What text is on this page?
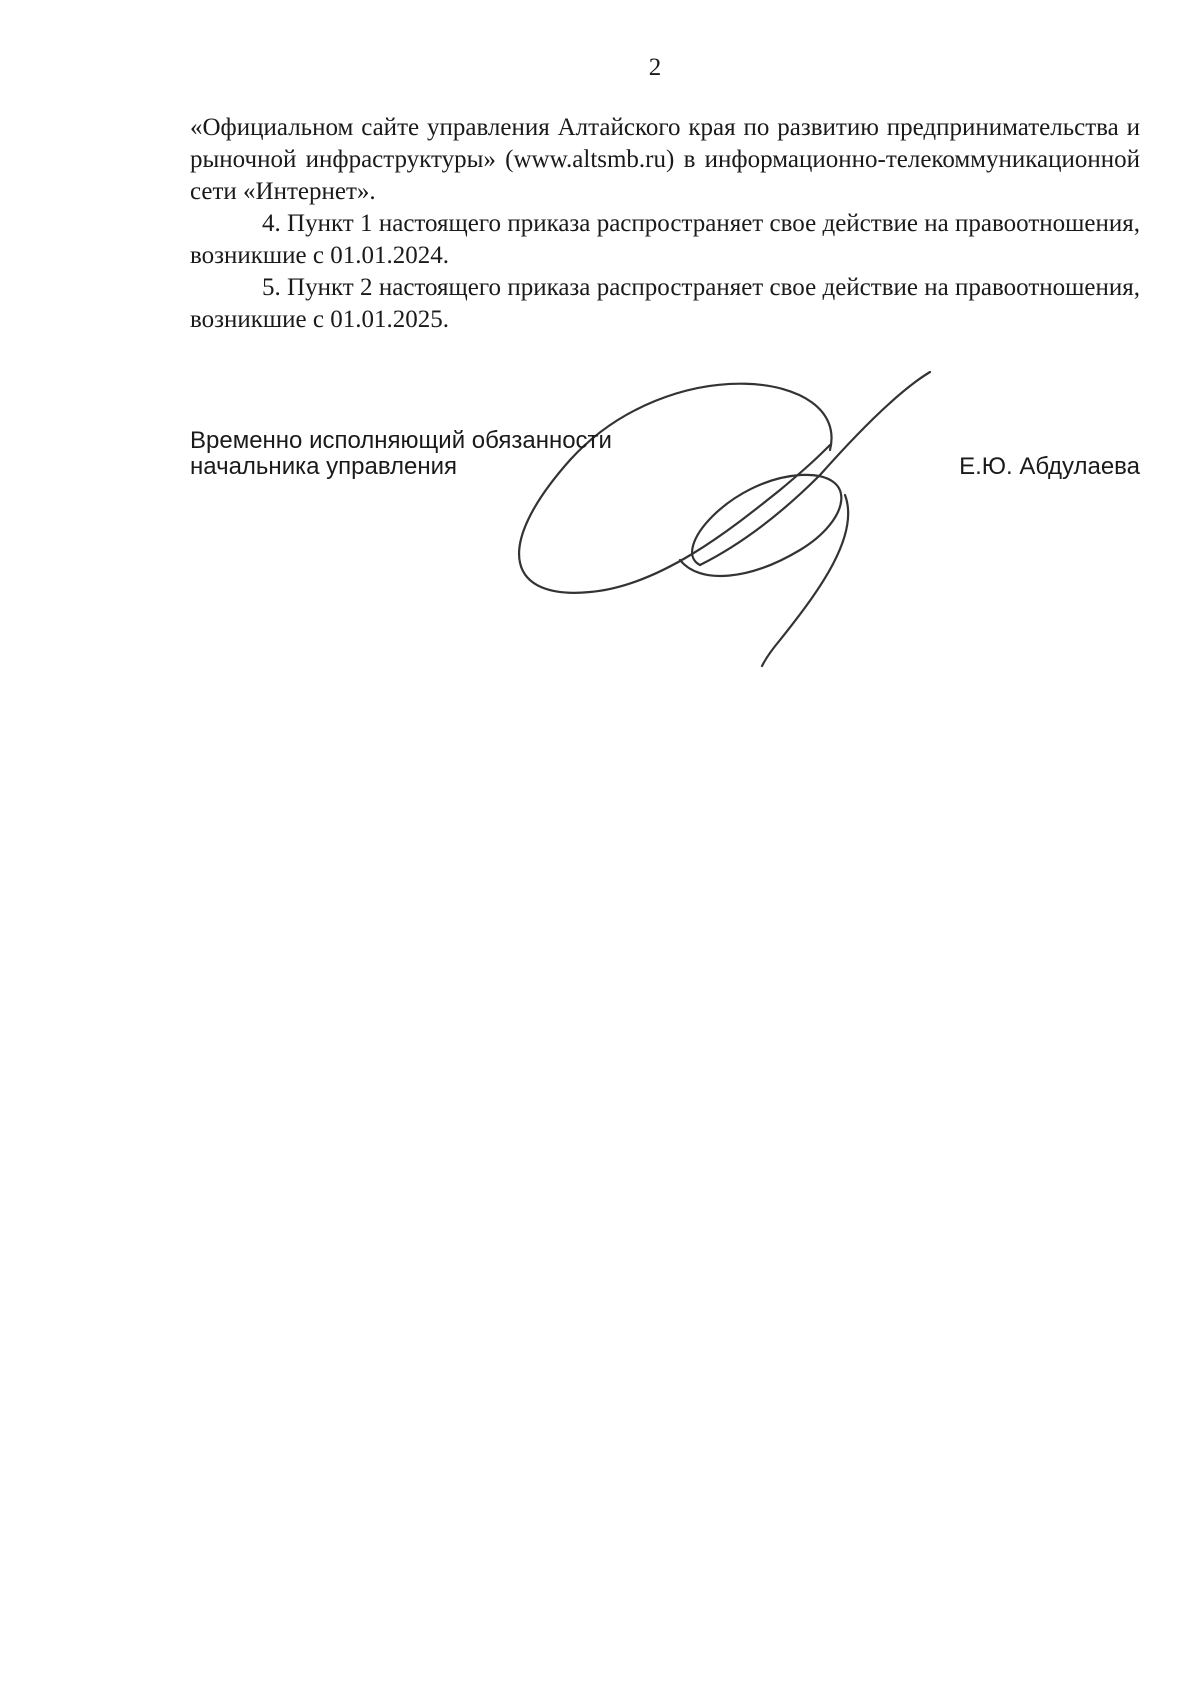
2

«Официальном сайте управления Алтайского края по развитию предпринимательства и рыночной инфраструктуры» (www.altsmb.ru) в информационно-телекоммуникационной сети «Интернет».

4. Пункт 1 настоящего приказа распространяет свое действие на правоотношения, возникшие с 01.01.2024.

5. Пункт 2 настоящего приказа распространяет свое действие на правоотношения, возникшие с 01.01.2025.

Временно исполняющий обязанности
начальника управления	Е.Ю. Абдулаева
